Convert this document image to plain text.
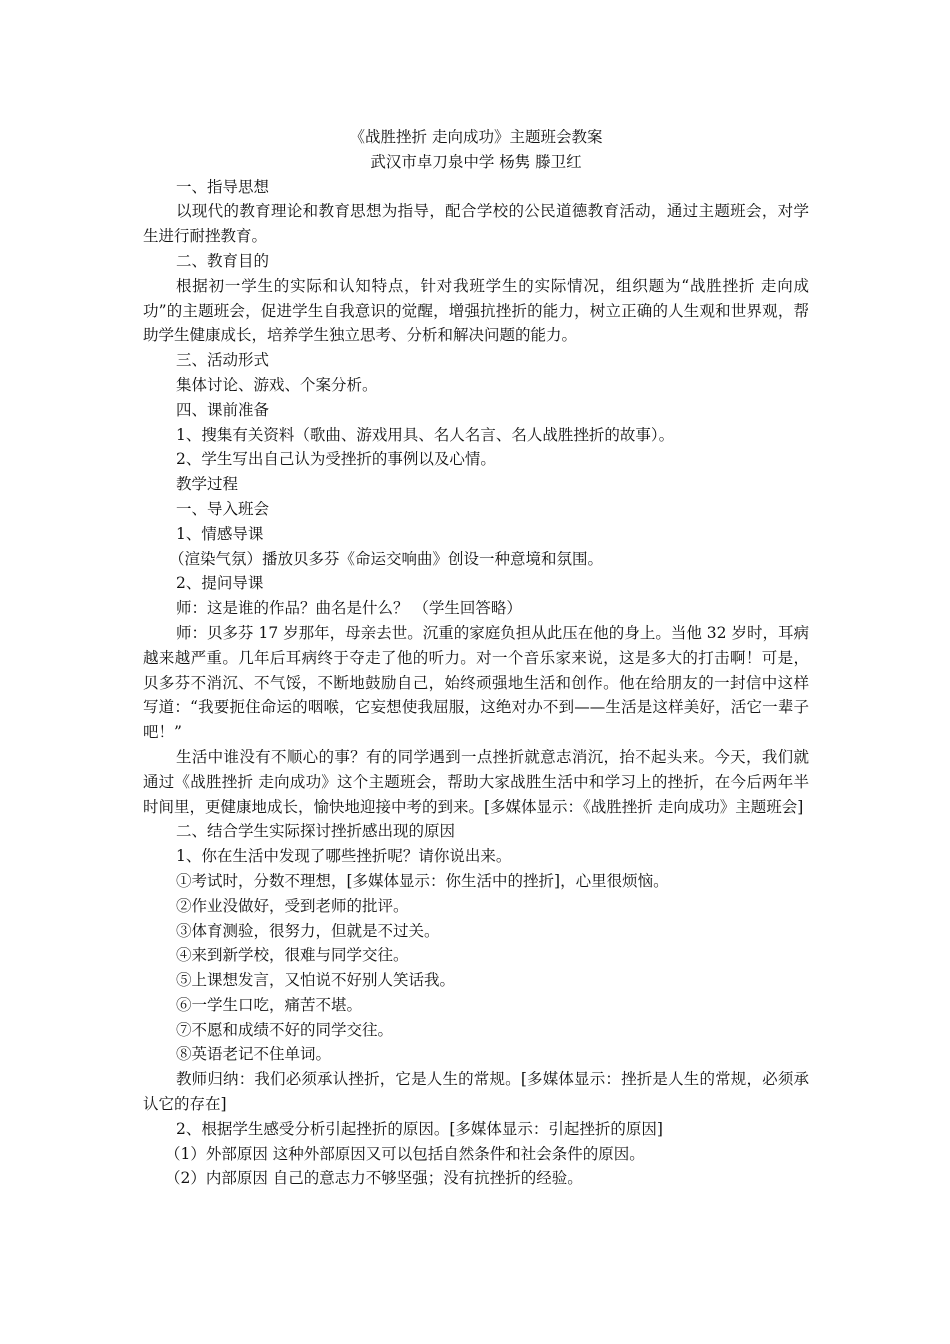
《战胜挫折 走向成功》主题班会教案

武汉市卓刀泉中学 杨隽 滕卫红

一、指导思想

以现代的教育理论和教育思想为指导，配合学校的公民道德教育活动，通过主题班会，对学生进行耐挫教育。

二、教育目的

根据初一学生的实际和认知特点，针对我班学生的实际情况，组织题为“战胜挫折 走向成功”的主题班会，促进学生自我意识的觉醒，增强抗挫折的能力，树立正确的人生观和世界观，帮助学生健康成长，培养学生独立思考、分析和解决问题的能力。

三、活动形式

集体讨论、游戏、个案分析。

四、课前准备

1、搜集有关资料（歌曲、游戏用具、名人名言、名人战胜挫折的故事）。

2、学生写出自己认为受挫折的事例以及心情。

教学过程

一、导入班会

1、情感导课

（渲染气氛）播放贝多芬《命运交响曲》创设一种意境和氛围。

2、提问导课

师：这是谁的作品？曲名是什么？ （学生回答略）

师：贝多芬 17 岁那年，母亲去世。沉重的家庭负担从此压在他的身上。当他 32 岁时，耳病越来越严重。几年后耳病终于夺走了他的听力。对一个音乐家来说，这是多大的打击啊！可是，贝多芬不消沉、不气馁，不断地鼓励自己，始终顽强地生活和创作。他在给朋友的一封信中这样写道：“我要扼住命运的咽喉，它妄想使我屈服，这绝对办不到——生活是这样美好，活它一辈子吧！”

生活中谁没有不顺心的事？有的同学遇到一点挫折就意志消沉，抬不起头来。今天，我们就通过《战胜挫折 走向成功》这个主题班会，帮助大家战胜生活中和学习上的挫折，在今后两年半时间里，更健康地成长，愉快地迎接中考的到来。[多媒体显示：《战胜挫折 走向成功》主题班会]

二、结合学生实际探讨挫折感出现的原因

1、你在生活中发现了哪些挫折呢？请你说出来。

①考试时，分数不理想，[多媒体显示：你生活中的挫折]，心里很烦恼。

②作业没做好，受到老师的批评。

③体育测验，很努力，但就是不过关。

④来到新学校，很难与同学交往。

⑤上课想发言，又怕说不好别人笑话我。

⑥一学生口吃，痛苦不堪。

⑦不愿和成绩不好的同学交往。

⑧英语老记不住单词。

教师归纳：我们必须承认挫折，它是人生的常规。[多媒体显示：挫折是人生的常规，必须承认它的存在]

2、根据学生感受分析引起挫折的原因。[多媒体显示：引起挫折的原因]

（1）外部原因 这种外部原因又可以包括自然条件和社会条件的原因。

（2）内部原因 自己的意志力不够坚强；没有抗挫折的经验。
